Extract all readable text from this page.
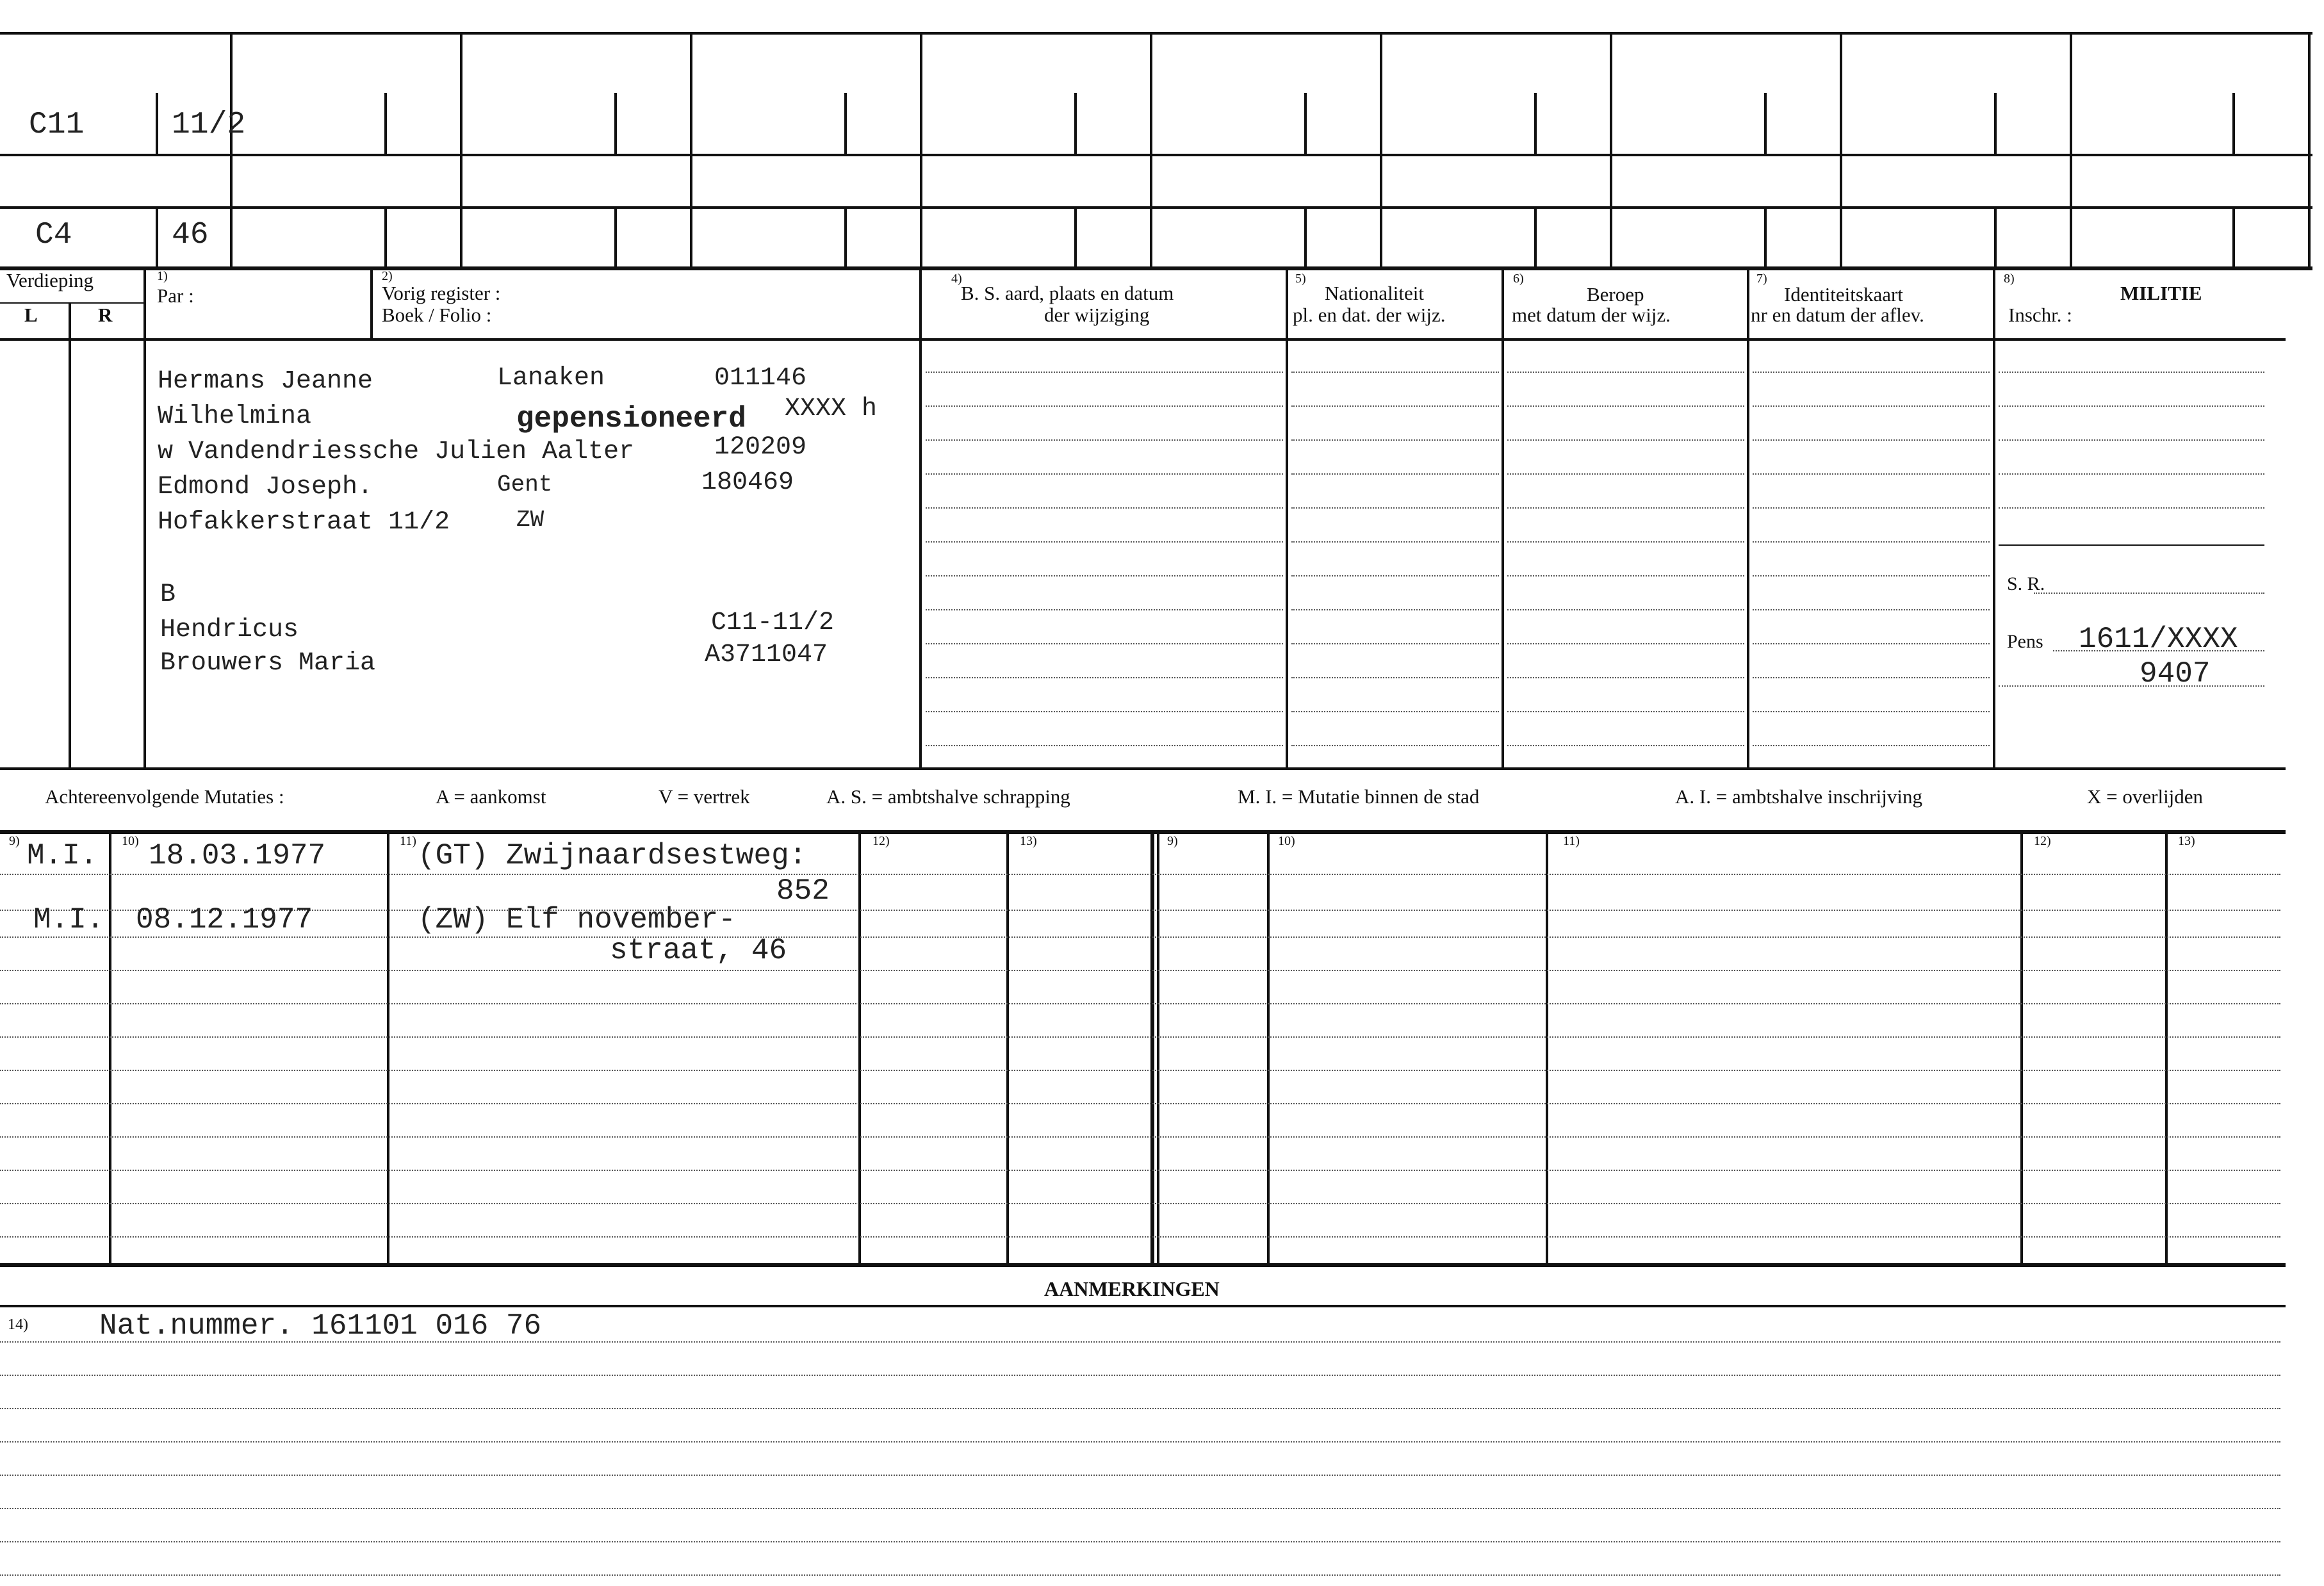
C11	11/2
C4	46
Verdieping
L	R
1)
Par :
2)
Vorig register :
Boek / Folio :
4)
B. S. aard, plaats en datum
der wijziging
5)
Nationaliteit
pl. en dat. der wijz.
6)
Beroep
met datum der wijz.
7)
Identiteitskaart
nr en datum der aflev.
8)
MILITIE
Inschr. :
Hermans Jeanne
Wilhelmina
w Vandendriessche Julien Aalter
Edmond Joseph.
Hofakkerstraat 11/2
Lanaken	011146
gepensioneerd XXXX h
120209
Gent	180469
ZW
B
Hendricus
Brouwers Maria
C11-11/2
A3711047
S. R.
Pens 1611/XXXX
9407
Achtereenvolgende Mutaties :	A = aankomst	V = vertrek	A. S. = ambtshalve schrapping	M. I. = Mutatie binnen de stad	A. I. = ambtshalve inschrijving	X = overlijden
9)	10)	11)	12)	13)	9)	10)	11)	12)	13)
M.I. 18.03.1977	(GT) Zwijnaardsestweg:
852
M.I. 08.12.1977	(ZW) Elf november-
straat, 46
AANMERKINGEN
14) Nat.nummer. 161101 016 76
